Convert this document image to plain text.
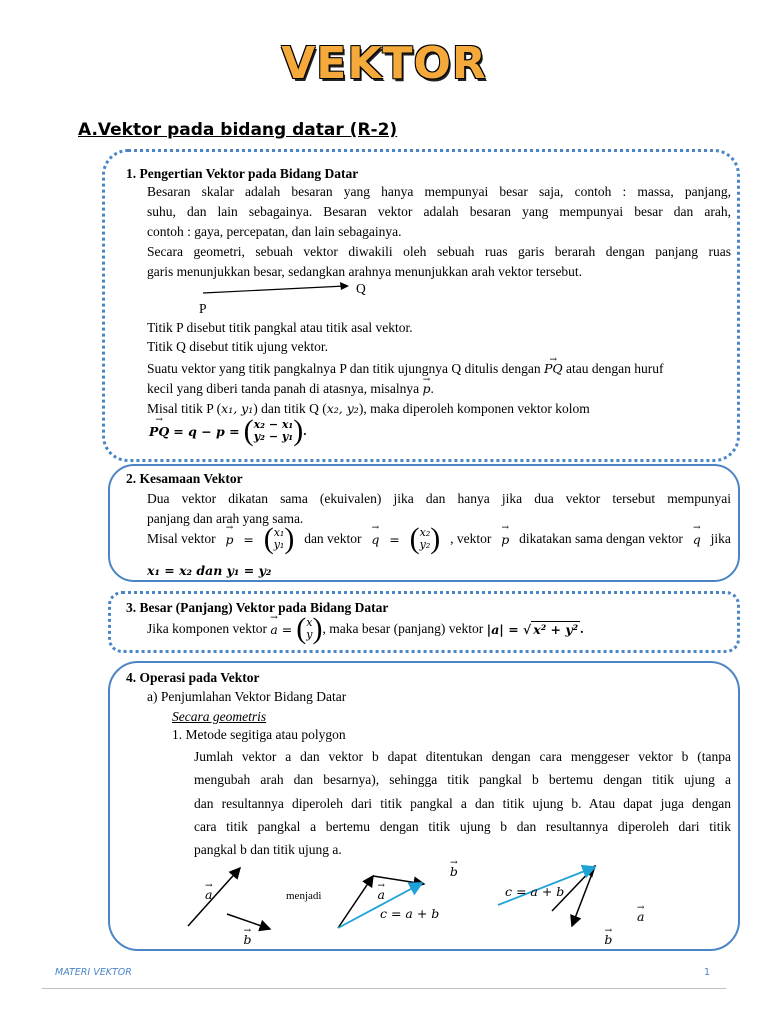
VEKTOR
A.Vektor pada bidang datar (R-2)
1. Pengertian Vektor pada Bidang Datar
Besaran skalar adalah besaran yang hanya mempunyai besar saja, contoh : massa, panjang,
suhu, dan lain sebagainya. Besaran vektor adalah besaran yang mempunyai besar dan arah,
contoh : gaya, percepatan, dan lain sebagainya.
Secara geometri, sebuah vektor diwakili oleh sebuah ruas garis berarah dengan panjang ruas
garis menunjukkan besar, sedangkan arahnya menunjukkan arah vektor tersebut.
Q
P
Titik P disebut titik pangkal atau titik asal vektor.
Titik Q disebut titik ujung vektor.
Suatu vektor yang titik pangkalnya P dan titik ujungnya Q ditulis dengan → PQ atau dengan huruf
kecil yang diberi tanda panah di atasnya, misalnya → p.
Misal titik P (x₁, y₁) dan titik Q (x₂, y₂), maka diperoleh komponen vektor kolom
→ PQ = q − p = ( x₂ − x₁
y₂ − y₁ ) .
2. Kesamaan Vektor
Dua vektor dikatan sama (ekuivalen) jika dan hanya jika dua vektor tersebut mempunyai
panjang dan arah yang sama.
Misal vektor → p = ( x₁
y₁ ) dan vektor → q = ( x₂
y₂ ) , vektor → p dikatakan sama dengan vektor → q jika
x₁ = x₂ dan y₁ = y₂
3. Besar (Panjang) Vektor pada Bidang Datar
Jika komponen vektor
→ a = ( x
y ) , maka besar (panjang) vektor
|a| = √ x² + y² .
4. Operasi pada Vektor
a) Penjumlahan Vektor Bidang Datar
Secara geometris
1. Metode segitiga atau polygon
Jumlah vektor a dan vektor b dapat ditentukan dengan cara menggeser vektor b (tanpa
mengubah arah dan besarnya), sehingga titik pangkal b bertemu dengan titik ujung a
dan resultannya diperoleh dari titik pangkal a dan titik ujung b. Atau dapat juga dengan
cara titik pangkal a bertemu dengan titik ujung b dan resultannya diperoleh dari titik
pangkal b dan titik ujung a.
→ a → b
menjadi	→ a → b
c = a + b
c = a + b
→ a → b
MATERI VEKTOR	1
